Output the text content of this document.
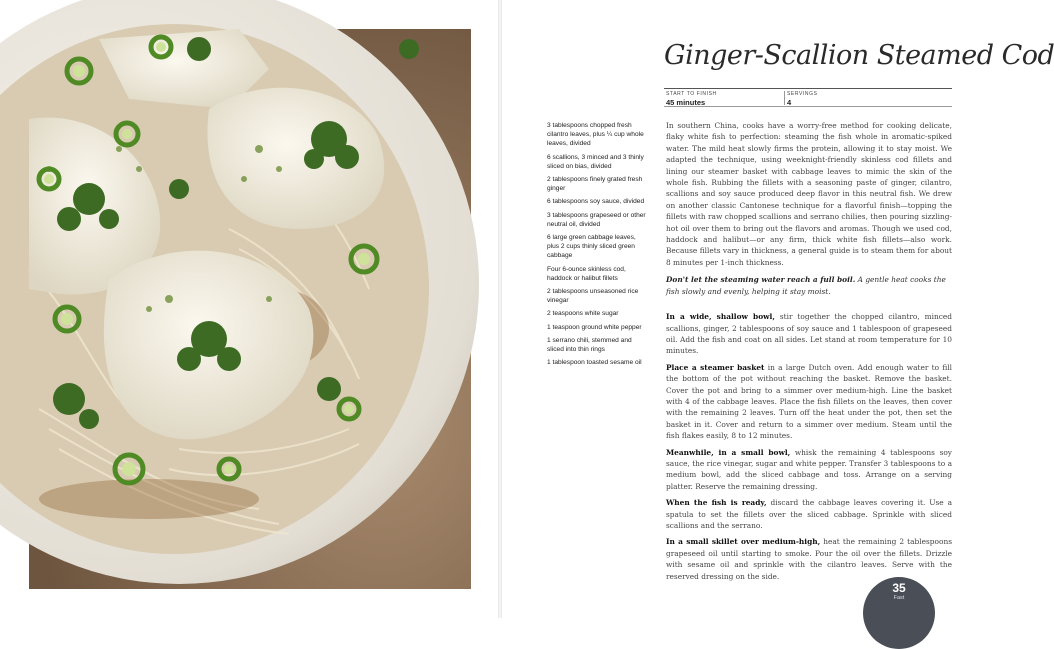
Ginger-Scallion Steamed Cod
START TO FINISH
45 minutes
SERVINGS
4
3 tablespoons chopped fresh cilantro leaves, plus ¼ cup whole leaves, divided
6 scallions, 3 minced and 3 thinly sliced on bias, divided
2 tablespoons finely grated fresh ginger
6 tablespoons soy sauce, divided
3 tablespoons grapeseed or other neutral oil, divided
6 large green cabbage leaves, plus 2 cups thinly sliced green cabbage
Four 6-ounce skinless cod, haddock or halibut fillets
2 tablespoons unseasoned rice vinegar
2 teaspoons white sugar
1 teaspoon ground white pepper
1 serrano chili, stemmed and sliced into thin rings
1 tablespoon toasted sesame oil

In southern China, cooks have a worry-free method for cooking delicate, flaky white fish to perfection: steaming the fish whole in aromatic-spiked water. The mild heat slowly firms the protein, allowing it to stay moist. We adapted the technique, using weeknight-friendly skinless cod fillets and lining our steamer basket with cabbage leaves to mimic the skin of the whole fish. Rubbing the fillets with a seasoning paste of ginger, cilantro, scallions and soy sauce produced deep flavor in this neutral fish. We drew on another classic Cantonese technique for a flavorful finish—topping the fillets with raw chopped scallions and serrano chilies, then pouring sizzling-hot oil over them to bring out the flavors and aromas. Though we used cod, haddock and halibut—or any firm, thick white fish fillets—also work. Because fillets vary in thickness, a general guide is to steam them for about 8 minutes per 1-inch thickness.

Don't let the steaming water reach a full boil. A gentle heat cooks the fish slowly and evenly, helping it stay moist.

In a wide, shallow bowl, stir together the chopped cilantro, minced scallions, ginger, 2 tablespoons of soy sauce and 1 tablespoon of grapeseed oil. Add the fish and coat on all sides. Let stand at room temperature for 10 minutes.

Place a steamer basket in a large Dutch oven. Add enough water to fill the bottom of the pot without reaching the basket. Remove the basket. Cover the pot and bring to a simmer over medium-high. Line the basket with 4 of the cabbage leaves. Place the fish fillets on the leaves, then cover with the remaining 2 leaves. Turn off the heat under the pot, then set the basket in it. Cover and return to a simmer over medium. Steam until the fish flakes easily, 8 to 12 minutes.

Meanwhile, in a small bowl, whisk the remaining 4 tablespoons soy sauce, the rice vinegar, sugar and white pepper. Transfer 3 tablespoons to a medium bowl, add the sliced cabbage and toss. Arrange on a serving platter. Reserve the remaining dressing.

When the fish is ready, discard the cabbage leaves covering it. Use a spatula to set the fillets over the sliced cabbage. Sprinkle with sliced scallions and the serrano.

In a small skillet over medium-high, heat the remaining 2 tablespoons grapeseed oil until starting to smoke. Pour the oil over the fillets. Drizzle with sesame oil and sprinkle with the cilantro leaves. Serve with the reserved dressing on the side.

35
Fast
